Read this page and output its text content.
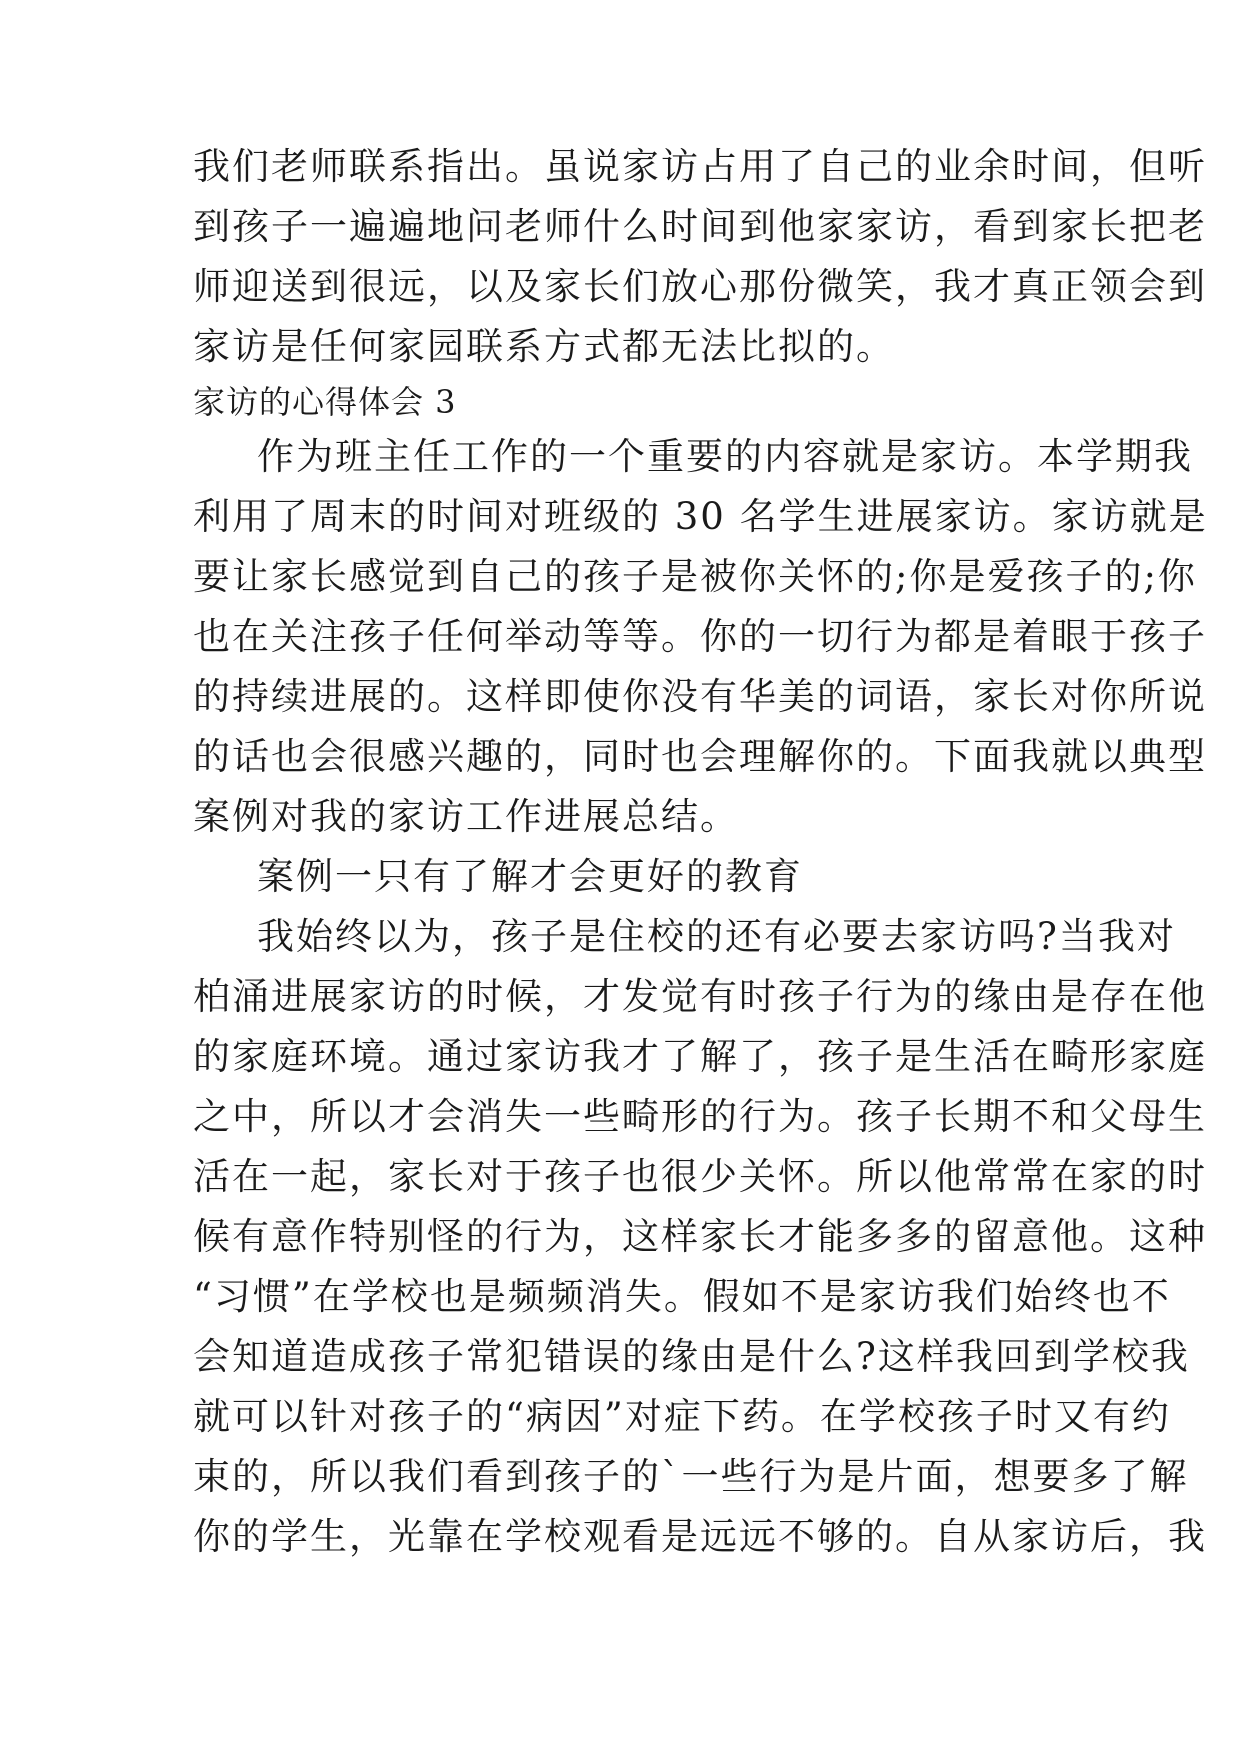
我们老师联系指出。虽说家访占用了自己的业余时间，但听
到孩子一遍遍地问老师什么时间到他家家访，看到家长把老
师迎送到很远，以及家长们放心那份微笑，我才真正领会到
家访是任何家园联系方式都无法比拟的。
家访的心得体会 3
作为班主任工作的一个重要的内容就是家访。本学期我
利用了周末的时间对班级的 30 名学生进展家访。家访就是
要让家长感觉到自己的孩子是被你关怀的;你是爱孩子的;你
也在关注孩子任何举动等等。你的一切行为都是着眼于孩子
的持续进展的。这样即使你没有华美的词语，家长对你所说
的话也会很感兴趣的，同时也会理解你的。下面我就以典型
案例对我的家访工作进展总结。
案例一只有了解才会更好的教育
我始终以为，孩子是住校的还有必要去家访吗?当我对
柏涌进展家访的时候，才发觉有时孩子行为的缘由是存在他
的家庭环境。通过家访我才了解了，孩子是生活在畸形家庭
之中，所以才会消失一些畸形的行为。孩子长期不和父母生
活在一起，家长对于孩子也很少关怀。所以他常常在家的时
候有意作特别怪的行为，这样家长才能多多的留意他。这种
“习惯”在学校也是频频消失。假如不是家访我们始终也不
会知道造成孩子常犯错误的缘由是什么?这样我回到学校我
就可以针对孩子的“病因”对症下药。在学校孩子时又有约
束的，所以我们看到孩子的`一些行为是片面，想要多了解
你的学生，光靠在学校观看是远远不够的。自从家访后，我
